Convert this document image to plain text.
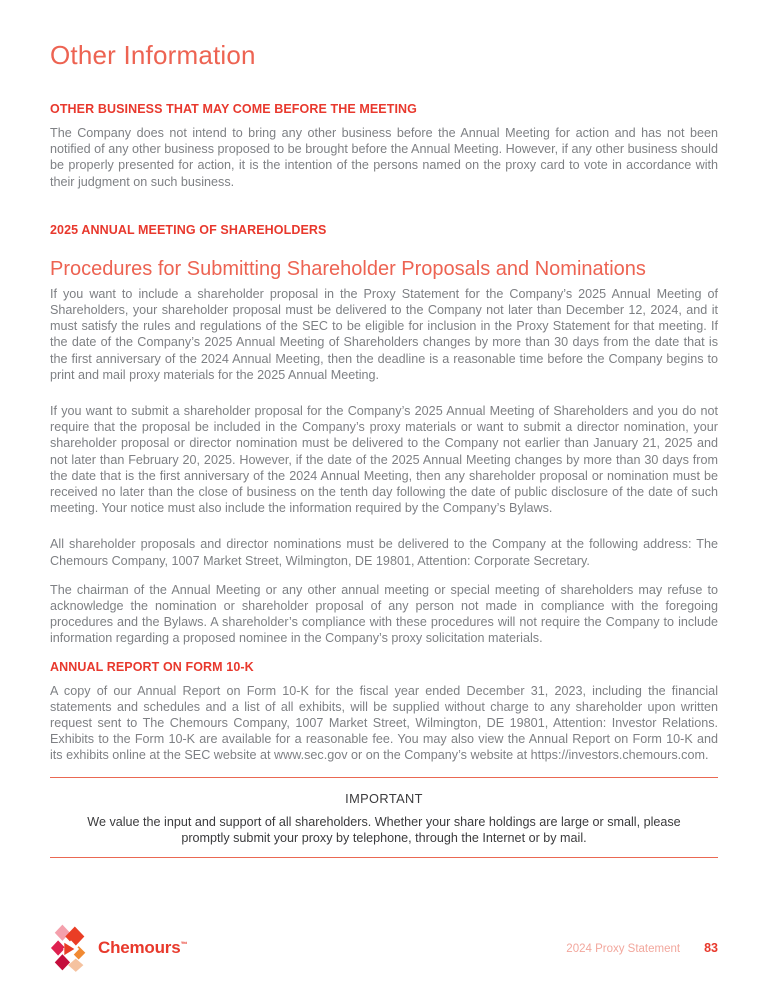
Other Information
OTHER BUSINESS THAT MAY COME BEFORE THE MEETING

The Company does not intend to bring any other business before the Annual Meeting for action and has not been notified of any other business proposed to be brought before the Annual Meeting. However, if any other business should be properly presented for action, it is the intention of the persons named on the proxy card to vote in accordance with their judgment on such business.

2025 ANNUAL MEETING OF SHAREHOLDERS
Procedures for Submitting Shareholder Proposals and Nominations

If you want to include a shareholder proposal in the Proxy Statement for the Company’s 2025 Annual Meeting of Shareholders, your shareholder proposal must be delivered to the Company not later than December 12, 2024, and it must satisfy the rules and regulations of the SEC to be eligible for inclusion in the Proxy Statement for that meeting. If the date of the Company’s 2025 Annual Meeting of Shareholders changes by more than 30 days from the date that is the first anniversary of the 2024 Annual Meeting, then the deadline is a reasonable time before the Company begins to print and mail proxy materials for the 2025 Annual Meeting.

If you want to submit a shareholder proposal for the Company’s 2025 Annual Meeting of Shareholders and you do not require that the proposal be included in the Company’s proxy materials or want to submit a director nomination, your shareholder proposal or director nomination must be delivered to the Company not earlier than January 21, 2025 and not later than February 20, 2025. However, if the date of the 2025 Annual Meeting changes by more than 30 days from the date that is the first anniversary of the 2024 Annual Meeting, then any shareholder proposal or nomination must be received no later than the close of business on the tenth day following the date of public disclosure of the date of such meeting. Your notice must also include the information required by the Company’s Bylaws.

All shareholder proposals and director nominations must be delivered to the Company at the following address: The Chemours Company, 1007 Market Street, Wilmington, DE 19801, Attention: Corporate Secretary.

The chairman of the Annual Meeting or any other annual meeting or special meeting of shareholders may refuse to acknowledge the nomination or shareholder proposal of any person not made in compliance with the foregoing procedures and the Bylaws. A shareholder’s compliance with these procedures will not require the Company to include information regarding a proposed nominee in the Company’s proxy solicitation materials.

ANNUAL REPORT ON FORM 10-K

A copy of our Annual Report on Form 10-K for the fiscal year ended December 31, 2023, including the financial statements and schedules and a list of all exhibits, will be supplied without charge to any shareholder upon written request sent to The Chemours Company, 1007 Market Street, Wilmington, DE 19801, Attention: Investor Relations. Exhibits to the Form 10-K are available for a reasonable fee. You may also view the Annual Report on Form 10-K and its exhibits online at the SEC website at www.sec.gov or on the Company’s website at https://investors.chemours.com.

IMPORTANT

We value the input and support of all shareholders. Whether your share holdings are large or small, please promptly submit your proxy by telephone, through the Internet or by mail.

Chemours™	2024 Proxy Statement 83
